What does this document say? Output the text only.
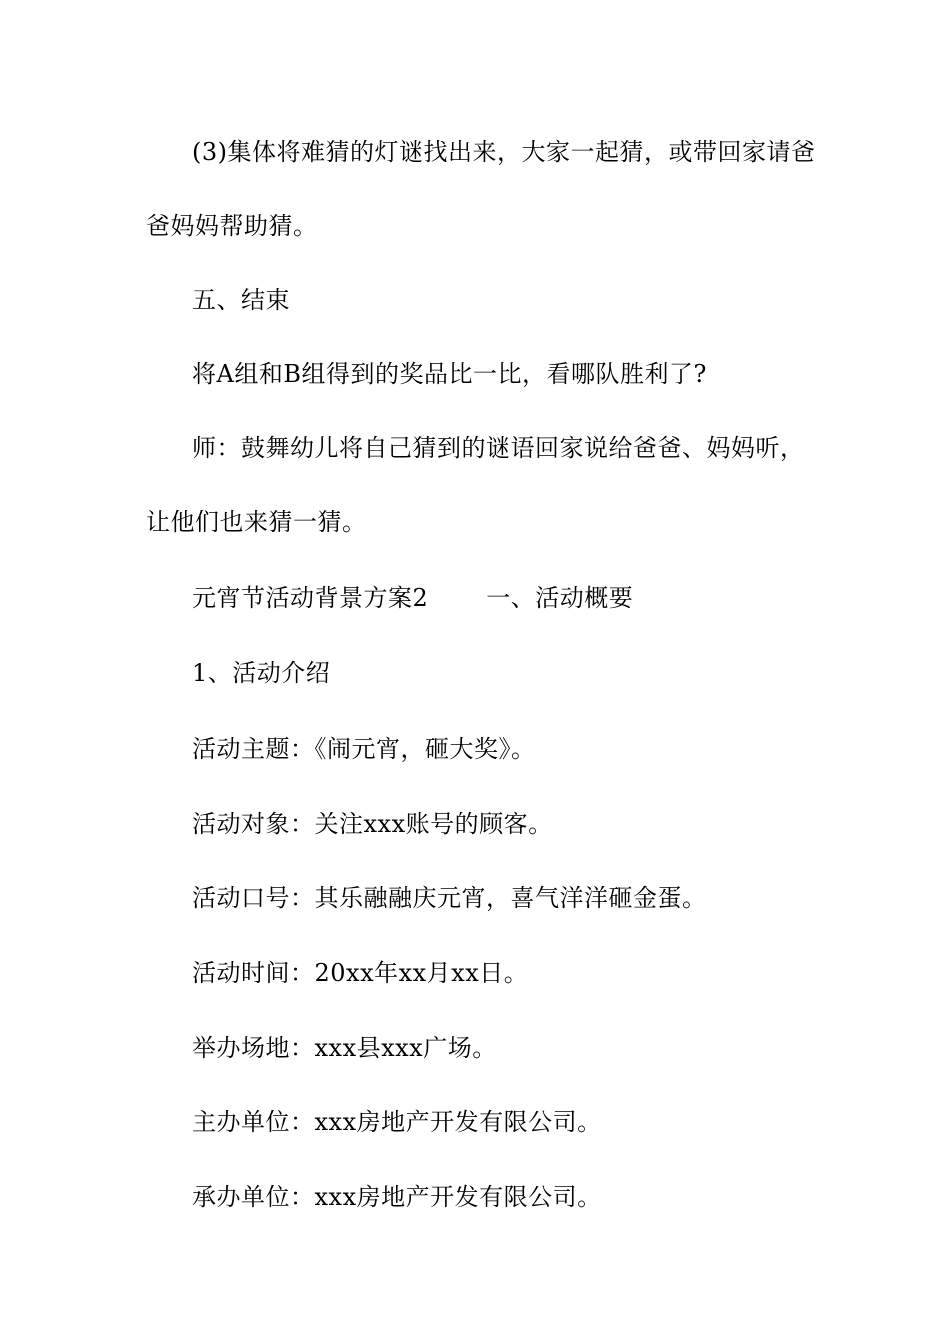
(3)集体将难猜的灯谜找出来，大家一起猜，或带回家请爸
爸妈妈帮助猜。
五、结束
将A组和B组得到的奖品比一比，看哪队胜利了?
师：鼓舞幼儿将自己猜到的谜语回家说给爸爸、妈妈听，
让他们也来猜一猜。
元宵节活动背景方案2 一、活动概要
1、活动介绍
活动主题：《闹元宵，砸大奖》。
活动对象：关注xxx账号的顾客。
活动口号：其乐融融庆元宵，喜气洋洋砸金蛋。
活动时间：20xx年xx月xx日。
举办场地：xxx县xxx广场。
主办单位：xxx房地产开发有限公司。
承办单位：xxx房地产开发有限公司。
